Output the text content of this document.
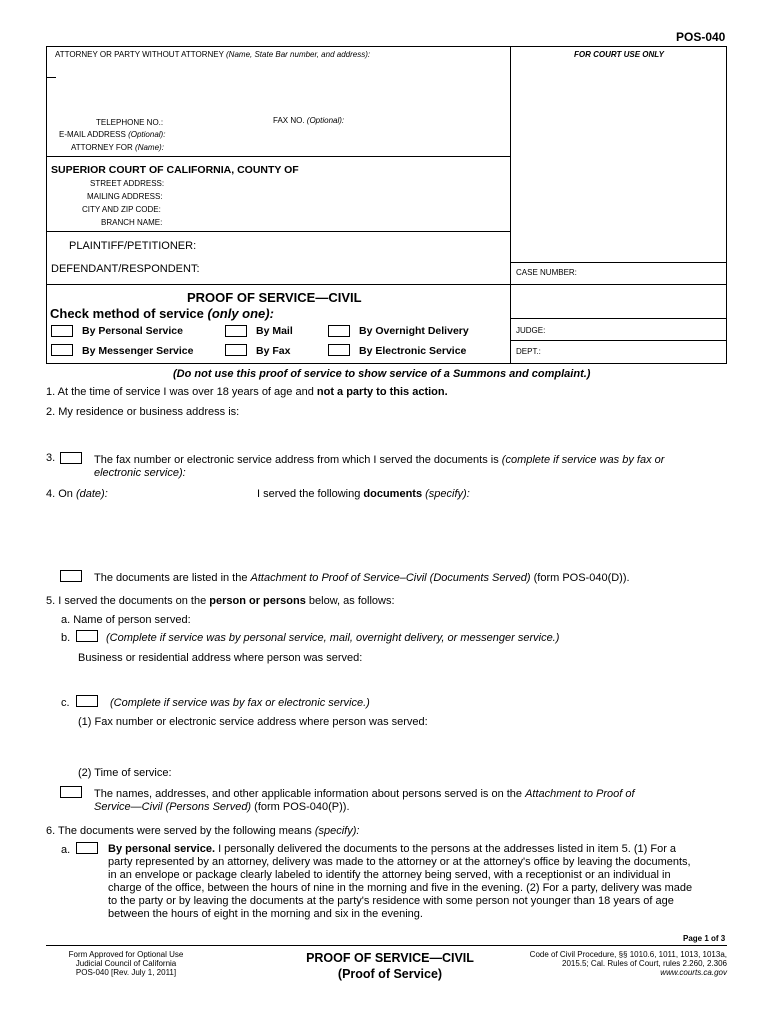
POS-040
ATTORNEY OR PARTY WITHOUT ATTORNEY (Name, State Bar number, and address):	FOR COURT USE ONLY
TELEPHONE NO.:	FAX NO. (Optional):
E-MAIL ADDRESS (Optional):
ATTORNEY FOR (Name):
SUPERIOR COURT OF CALIFORNIA, COUNTY OF
STREET ADDRESS:
MAILING ADDRESS:
CITY AND ZIP CODE:
BRANCH NAME:
PLAINTIFF/PETITIONER:
DEFENDANT/RESPONDENT:	CASE NUMBER:
PROOF OF SERVICE—CIVIL
Check method of service (only one):
By Personal Service	By Mail	By Overnight Delivery
By Messenger Service	By Fax	By Electronic Service
JUDGE:
DEPT.:
(Do not use this proof of service to show service of a Summons and complaint.)
1. At the time of service I was over 18 years of age and not a party to this action.
2. My residence or business address is:
3.	The fax number or electronic service address from which I served the documents is (complete if service was by fax or
electronic service):
4. On (date):	I served the following documents (specify):
The documents are listed in the Attachment to Proof of Service–Civil (Documents Served) (form POS-040(D)).
5. I served the documents on the person or persons below, as follows:
a. Name of person served:
b.	(Complete if service was by personal service, mail, overnight delivery, or messenger service.)
Business or residential address where person was served:
c.	(Complete if service was by fax or electronic service.)
(1) Fax number or electronic service address where person was served:
(2) Time of service:
The names, addresses, and other applicable information about persons served is on the Attachment to Proof of
Service—Civil (Persons Served) (form POS-040(P)).
6. The documents were served by the following means (specify):
a.	By personal service. I personally delivered the documents to the persons at the addresses listed in item 5. (1) For a
party represented by an attorney, delivery was made to the attorney or at the attorney's office by leaving the documents,
in an envelope or package clearly labeled to identify the attorney being served, with a receptionist or an individual in
charge of the office, between the hours of nine in the morning and five in the evening. (2) For a party, delivery was made
to the party or by leaving the documents at the party's residence with some person not younger than 18 years of age
between the hours of eight in the morning and six in the evening.
Page 1 of 3
Form Approved for Optional Use
Judicial Council of California
POS-040 [Rev. July 1, 2011]
PROOF OF SERVICE—CIVIL
(Proof of Service)
Code of Civil Procedure, §§ 1010.6, 1011, 1013, 1013a,
2015.5; Cal. Rules of Court, rules 2.260, 2.306
www.courts.ca.gov
